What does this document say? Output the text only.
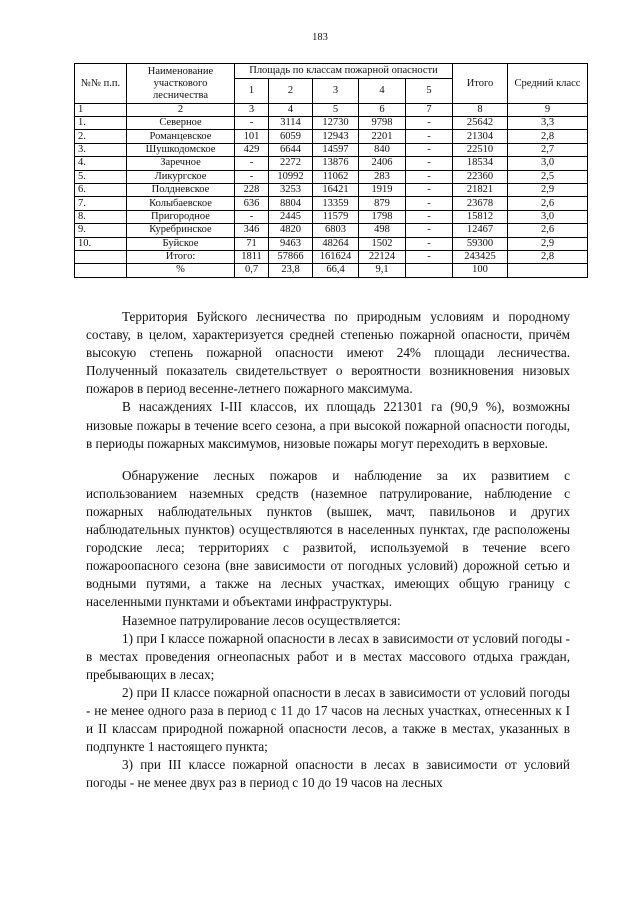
183
№№ п.п.	Наименование участкового лесничества	Площадь по классам пожарной опасности					Итого	Средний класс
		1	2	3	4	5		
1	2	3	4	5	6	7	8	9
1.	Северное	-	3114	12730	9798	-	25642	3,3
2.	Романцевское	101	6059	12943	2201	-	21304	2,8
3.	Шушкодомское	429	6644	14597	840	-	22510	2,7
4.	Заречное	-	2272	13876	2406	-	18534	3,0
5.	Ликургское	-	10992	11062	283	-	22360	2,5
6.	Полдневское	228	3253	16421	1919	-	21821	2,9
7.	Колыбаевское	636	8804	13359	879	-	23678	2,6
8.	Пригородное	-	2445	11579	1798	-	15812	3,0
9.	Куребринское	346	4820	6803	498	-	12467	2,6
10.	Буйское	71	9463	48264	1502	-	59300	2,9
	Итого:	1811	57866	161624	22124	-	243425	2,8
	%	0,7	23,8	66,4	9,1		100	

Территория Буйского лесничества по природным условиям и породному составу, в целом, характеризуется средней степенью пожарной опасности, причём высокую степень пожарной опасности имеют 24% площади лесничества. Полученный показатель свидетельствует о вероятности возникновения низовых пожаров в период весенне-летнего пожарного максимума.

В насаждениях I-III классов, их площадь 221301 га (90,9 %), возможны низовые пожары в течение всего сезона, а при высокой пожарной опасности погоды, в периоды пожарных максимумов, низовые пожары могут переходить в верховые.

Обнаружение лесных пожаров и наблюдение за их развитием с использованием наземных средств (наземное патрулирование, наблюдение с пожарных наблюдательных пунктов (вышек, мачт, павильонов и других наблюдательных пунктов) осуществляются в населенных пунктах, где расположены городские леса; территориях с развитой, используемой в течение всего пожароопасного сезона (вне зависимости от погодных условий) дорожной сетью и водными путями, а также на лесных участках, имеющих общую границу с населенными пунктами и объектами инфраструктуры.

Наземное патрулирование лесов осуществляется:

1) при I классе пожарной опасности в лесах в зависимости от условий погоды - в местах проведения огнеопасных работ и в местах массового отдыха граждан, пребывающих в лесах;

2) при II классе пожарной опасности в лесах в зависимости от условий погоды - не менее одного раза в период с 11 до 17 часов на лесных участках, отнесенных к I и II классам природной пожарной опасности лесов, а также в местах, указанных в подпункте 1 настоящего пункта;

3) при III классе пожарной опасности в лесах в зависимости от условий погоды - не менее двух раз в период с 10 до 19 часов на лесных
